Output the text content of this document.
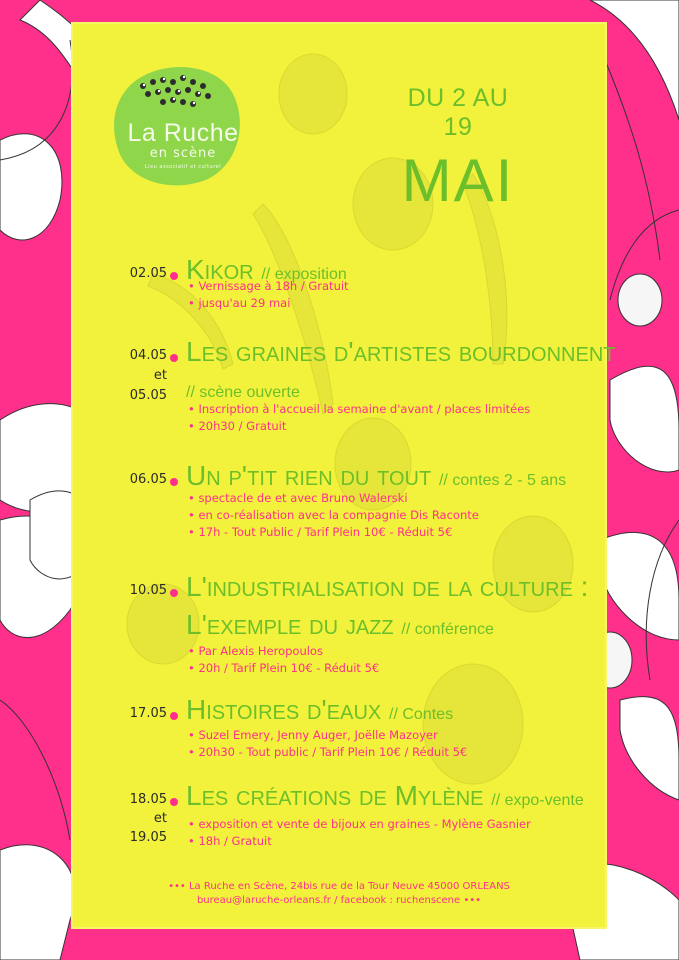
La Ruche
en scène
Lieu associatif et culturel
DU 2 AU 19
MAI
02.05 Kikor // exposition
• Vernissage à 18h / Gratuit
• jusqu'au 29 mai
04.05
et
05.05
Les graines d'artistes bourdonnent
// scène ouverte
• Inscription à l'accueil la semaine d'avant / places limitées
• 20h30 / Gratuit
06.05 Un p'tit rien du tout // contes 2 - 5 ans
• spectacle de et avec Bruno Walerski
• en co-réalisation avec la compagnie Dis Raconte
• 17h - Tout Public / Tarif Plein 10€ - Réduit 5€
10.05 L'industrialisation de la culture :
L'exemple du jazz // conférence
• Par Alexis Heropoulos
• 20h / Tarif Plein 10€ - Réduit 5€
17.05 Histoires d'eaux // Contes
• Suzel Emery, Jenny Auger, Joëlle Mazoyer
• 20h30 - Tout public / Tarif Plein 10€ / Réduit 5€
18.05
et
19.05
Les créations de Mylène // expo-vente
• exposition et vente de bijoux en graines - Mylène Gasnier
• 18h / Gratuit
••• La Ruche en Scène, 24bis rue de la Tour Neuve 45000 ORLEANS
bureau@laruche-orleans.fr / facebook : ruchenscene •••
